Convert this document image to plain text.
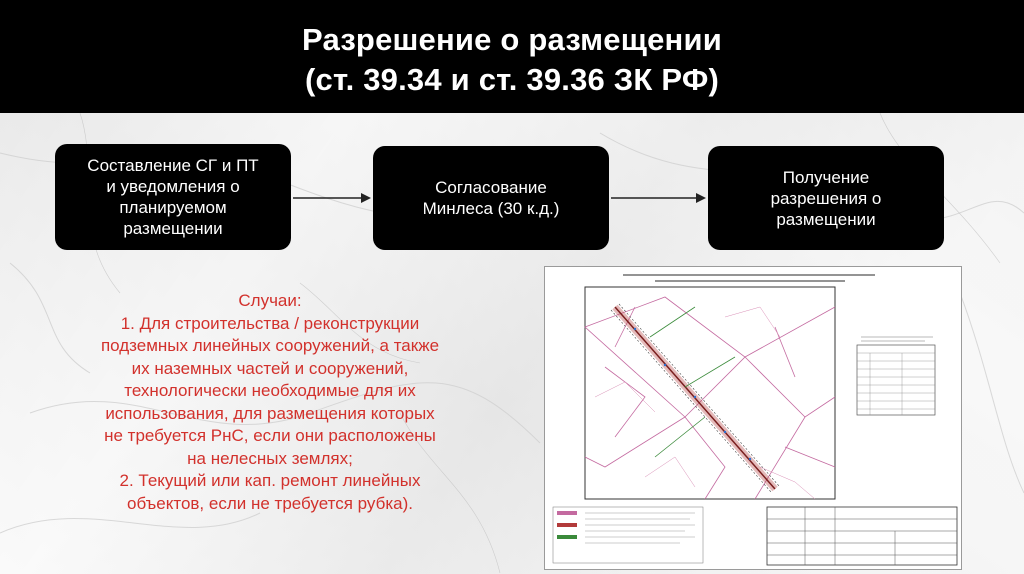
Разрешение о размещении
(ст. 39.34 и ст. 39.36 ЗК РФ)
Составление СГ и ПТ
и уведомления о
планируемом
размещении
Согласование
Минлеса (30 к.д.)
Получение
разрешения о
размещении
Случаи:
1. Для строительства / реконструкции
подземных линейных сооружений, а также
их наземных частей и сооружений,
технологически необходимые для их
использования, для размещения которых
не требуется РнС, если они расположены
на нелесных землях;
2. Текущий или кап. ремонт линейных
объектов, если не требуется рубка).
